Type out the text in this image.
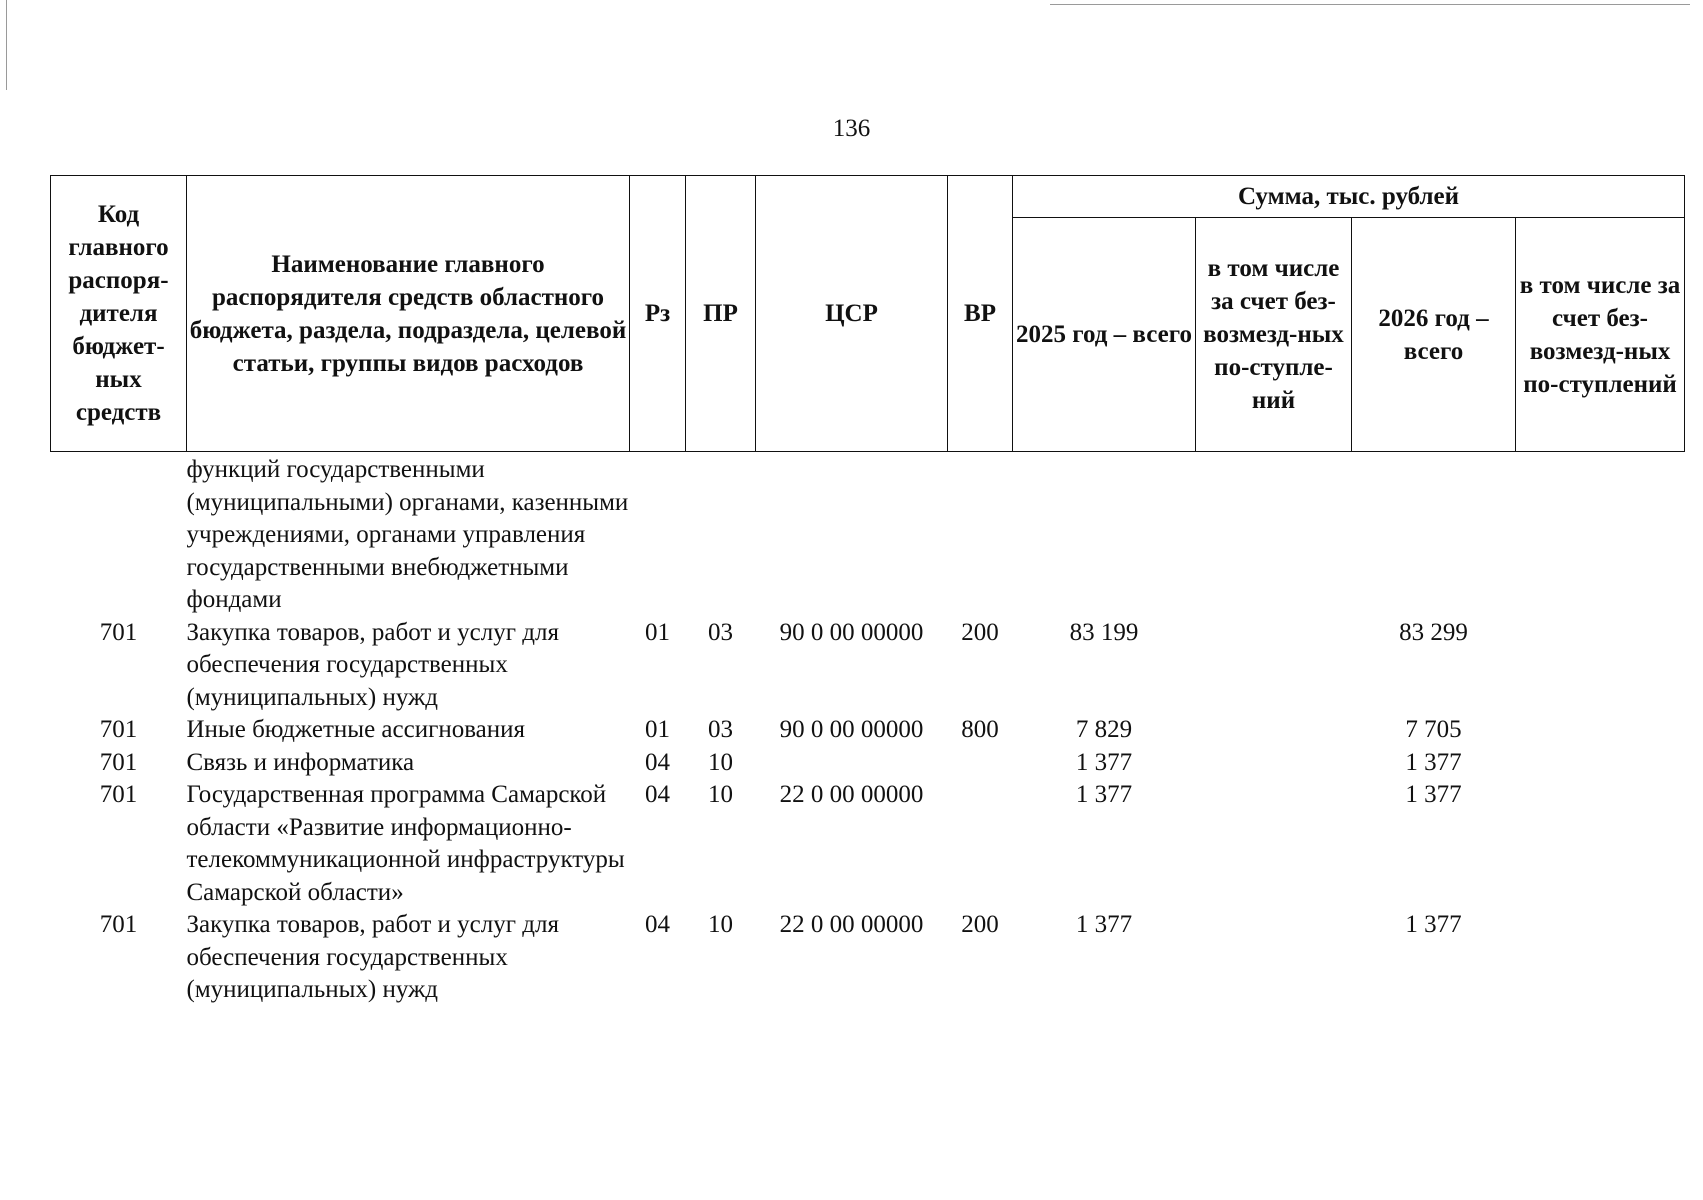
136
Код главного распоря-дителя бюджет-ных средств	Наименование главного распорядителя средств областного бюджета, раздела, подраздела, целевой статьи, группы видов расходов	Рз	ПР	ЦСР	ВР	Сумма, тыс. рублей			
						2025 год – всего	в том числе за счет без-возмезд-ных по-ступле-ний	2026 год – всего	в том числе за счет без-возмезд-ных по-ступлений
	функций государственными (муниципальными) органами, казенными учреждениями, органами управления государственными внебюджетными фондами								
701	Закупка товаров, работ и услуг для обеспечения государственных (муниципальных) нужд	01	03	90 0 00 00000	200	83 199		83 299	
701	Иные бюджетные ассигнования	01	03	90 0 00 00000	800	7 829		7 705	
701	Связь и информатика	04	10			1 377		1 377	
701	Государственная программа Самарской области «Развитие информационно-телекоммуникационной инфраструктуры Самарской области»	04	10	22 0 00 00000		1 377		1 377	
701	Закупка товаров, работ и услуг для обеспечения государственных (муниципальных) нужд	04	10	22 0 00 00000	200	1 377		1 377	
